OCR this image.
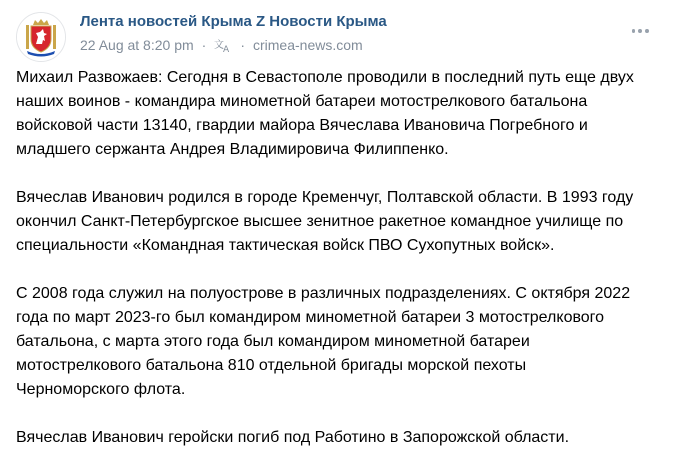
Лента новостей Крыма Z Новости Крыма
22 Aug at 8:20 pm · 文 A · crimea-news.com

Михаил Развожаев: Сегодня в Севастополе проводили в последний путь еще двух
наших воинов - командира минометной батареи мотострелкового батальона
войсковой части 13140, гвардии майора Вячеслава Ивановича Погребного и
младшего сержанта Андрея Владимировича Филиппенко.

Вячеслав Иванович родился в городе Кременчуг, Полтавской области. В 1993 году
окончил Санкт-Петербургское высшее зенитное ракетное командное училище по
специальности «Командная тактическая войск ПВО Сухопутных войск».

С 2008 года служил на полуострове в различных подразделениях. С октября 2022
года по март 2023-го был командиром минометной батареи 3 мотострелкового
батальона, с марта этого года был командиром минометной батареи
мотострелкового батальона 810 отдельной бригады морской пехоты
Черноморского флота.

Вячеслав Иванович геройски погиб под Работино в Запорожской области.
